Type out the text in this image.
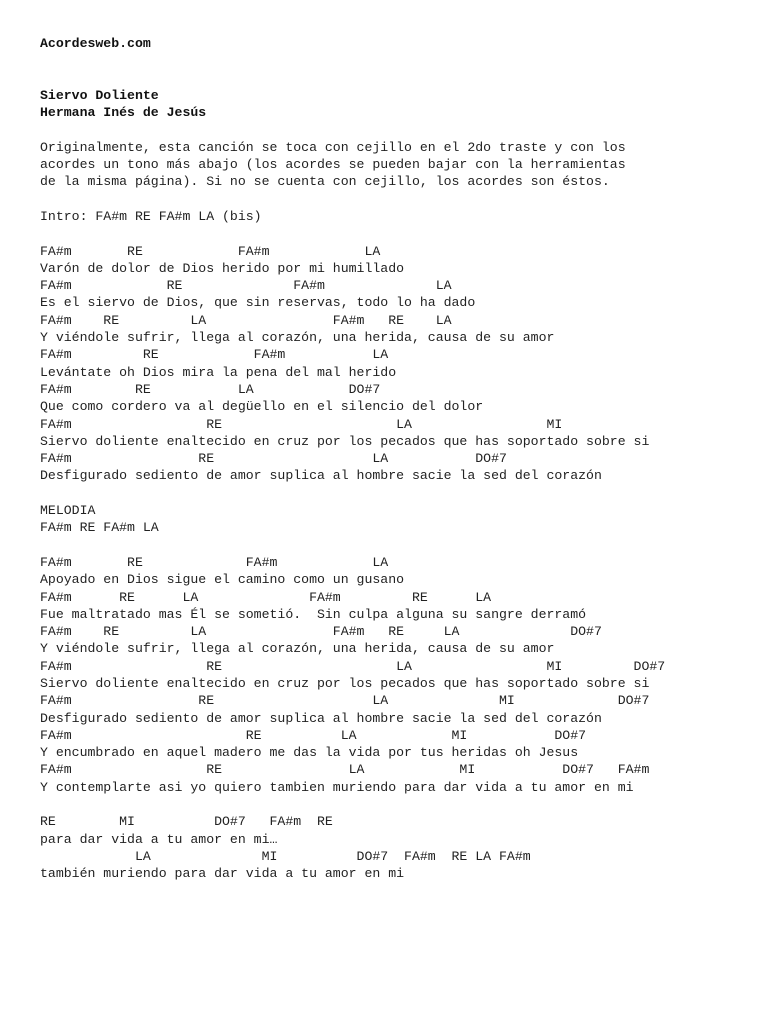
Acordesweb.com
Siervo Doliente
Hermana Inés de Jesús
Originalmente, esta canción se toca con cejillo en el 2do traste y con los
acordes un tono más abajo (los acordes se pueden bajar con la herramientas
de la misma página). Si no se cuenta con cejillo, los acordes son éstos.
Intro: FA#m RE FA#m LA (bis)
FA#m       RE            FA#m            LA
Varón de dolor de Dios herido por mi humillado
FA#m            RE              FA#m              LA
Es el siervo de Dios, que sin reservas, todo lo ha dado
FA#m    RE         LA                FA#m   RE    LA
Y viéndole sufrir, llega al corazón, una herida, causa de su amor
FA#m         RE            FA#m           LA
Levántate oh Dios mira la pena del mal herido
FA#m        RE           LA            DO#7
Que como cordero va al degüello en el silencio del dolor
FA#m                 RE                      LA                 MI
Siervo doliente enaltecido en cruz por los pecados que has soportado sobre si
FA#m                RE                    LA           DO#7
Desfigurado sediento de amor suplica al hombre sacie la sed del corazón
MELODIA
FA#m RE FA#m LA
FA#m       RE             FA#m            LA
Apoyado en Dios sigue el camino como un gusano
FA#m      RE      LA              FA#m         RE      LA
Fue maltratado mas Él se sometió.  Sin culpa alguna su sangre derramó
FA#m    RE         LA                FA#m   RE     LA              DO#7
Y viéndole sufrir, llega al corazón, una herida, causa de su amor
FA#m                 RE                      LA                 MI         DO#7
Siervo doliente enaltecido en cruz por los pecados que has soportado sobre si
FA#m                RE                    LA              MI             DO#7
Desfigurado sediento de amor suplica al hombre sacie la sed del corazón
FA#m                      RE          LA            MI           DO#7
Y encumbrado en aquel madero me das la vida por tus heridas oh Jesus
FA#m                 RE                LA            MI           DO#7   FA#m
Y contemplarte asi yo quiero tambien muriendo para dar vida a tu amor en mi
RE        MI          DO#7   FA#m  RE
para dar vida a tu amor en mi…
LA              MI          DO#7  FA#m  RE LA FA#m
también muriendo para dar vida a tu amor en mi
